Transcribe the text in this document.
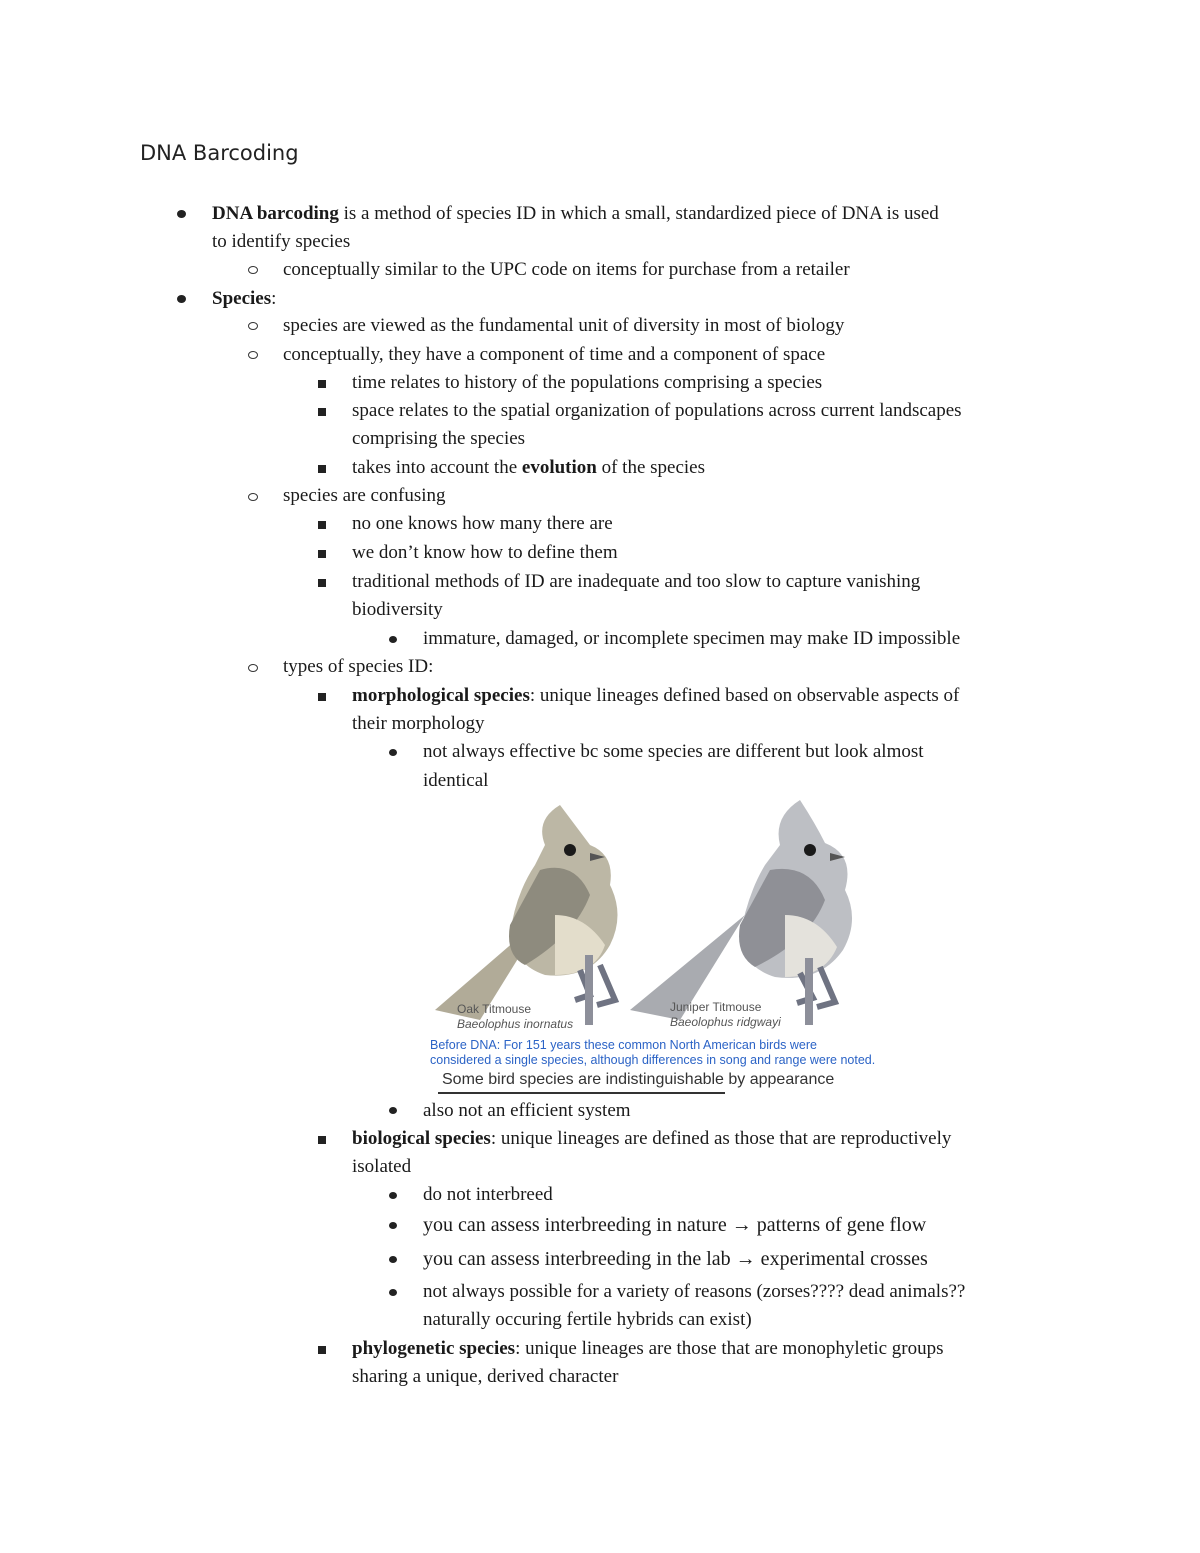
DNA Barcoding
DNA barcoding is a method of species ID in which a small, standardized piece of DNA is used
to identify species
conceptually similar to the UPC code on items for purchase from a retailer
Species:
species are viewed as the fundamental unit of diversity in most of biology
conceptually, they have a component of time and a component of space
time relates to history of the populations comprising a species
space relates to the spatial organization of populations across current landscapes
comprising the species
takes into account the evolution of the species
species are confusing
no one knows how many there are
we don’t know how to define them
traditional methods of ID are inadequate and too slow to capture vanishing
biodiversity
immature, damaged, or incomplete specimen may make ID impossible
types of species ID:
morphological species: unique lineages defined based on observable aspects of
their morphology
not always effective bc some species are different but look almost
identical
Oak Titmouse
Baeolophus inornatus
Juniper Titmouse
Baeolophus ridgwayi
Before DNA: For 151 years these common North American birds were
considered a single species, although differences in song and range were noted.
Some bird species are indistinguishable by appearance
also not an efficient system
biological species: unique lineages are defined as those that are reproductively
isolated
do not interbreed
you can assess interbreeding in nature → patterns of gene flow
you can assess interbreeding in the lab → experimental crosses
not always possible for a variety of reasons (zorses???? dead animals??
naturally occuring fertile hybrids can exist)
phylogenetic species: unique lineages are those that are monophyletic groups
sharing a unique, derived character
